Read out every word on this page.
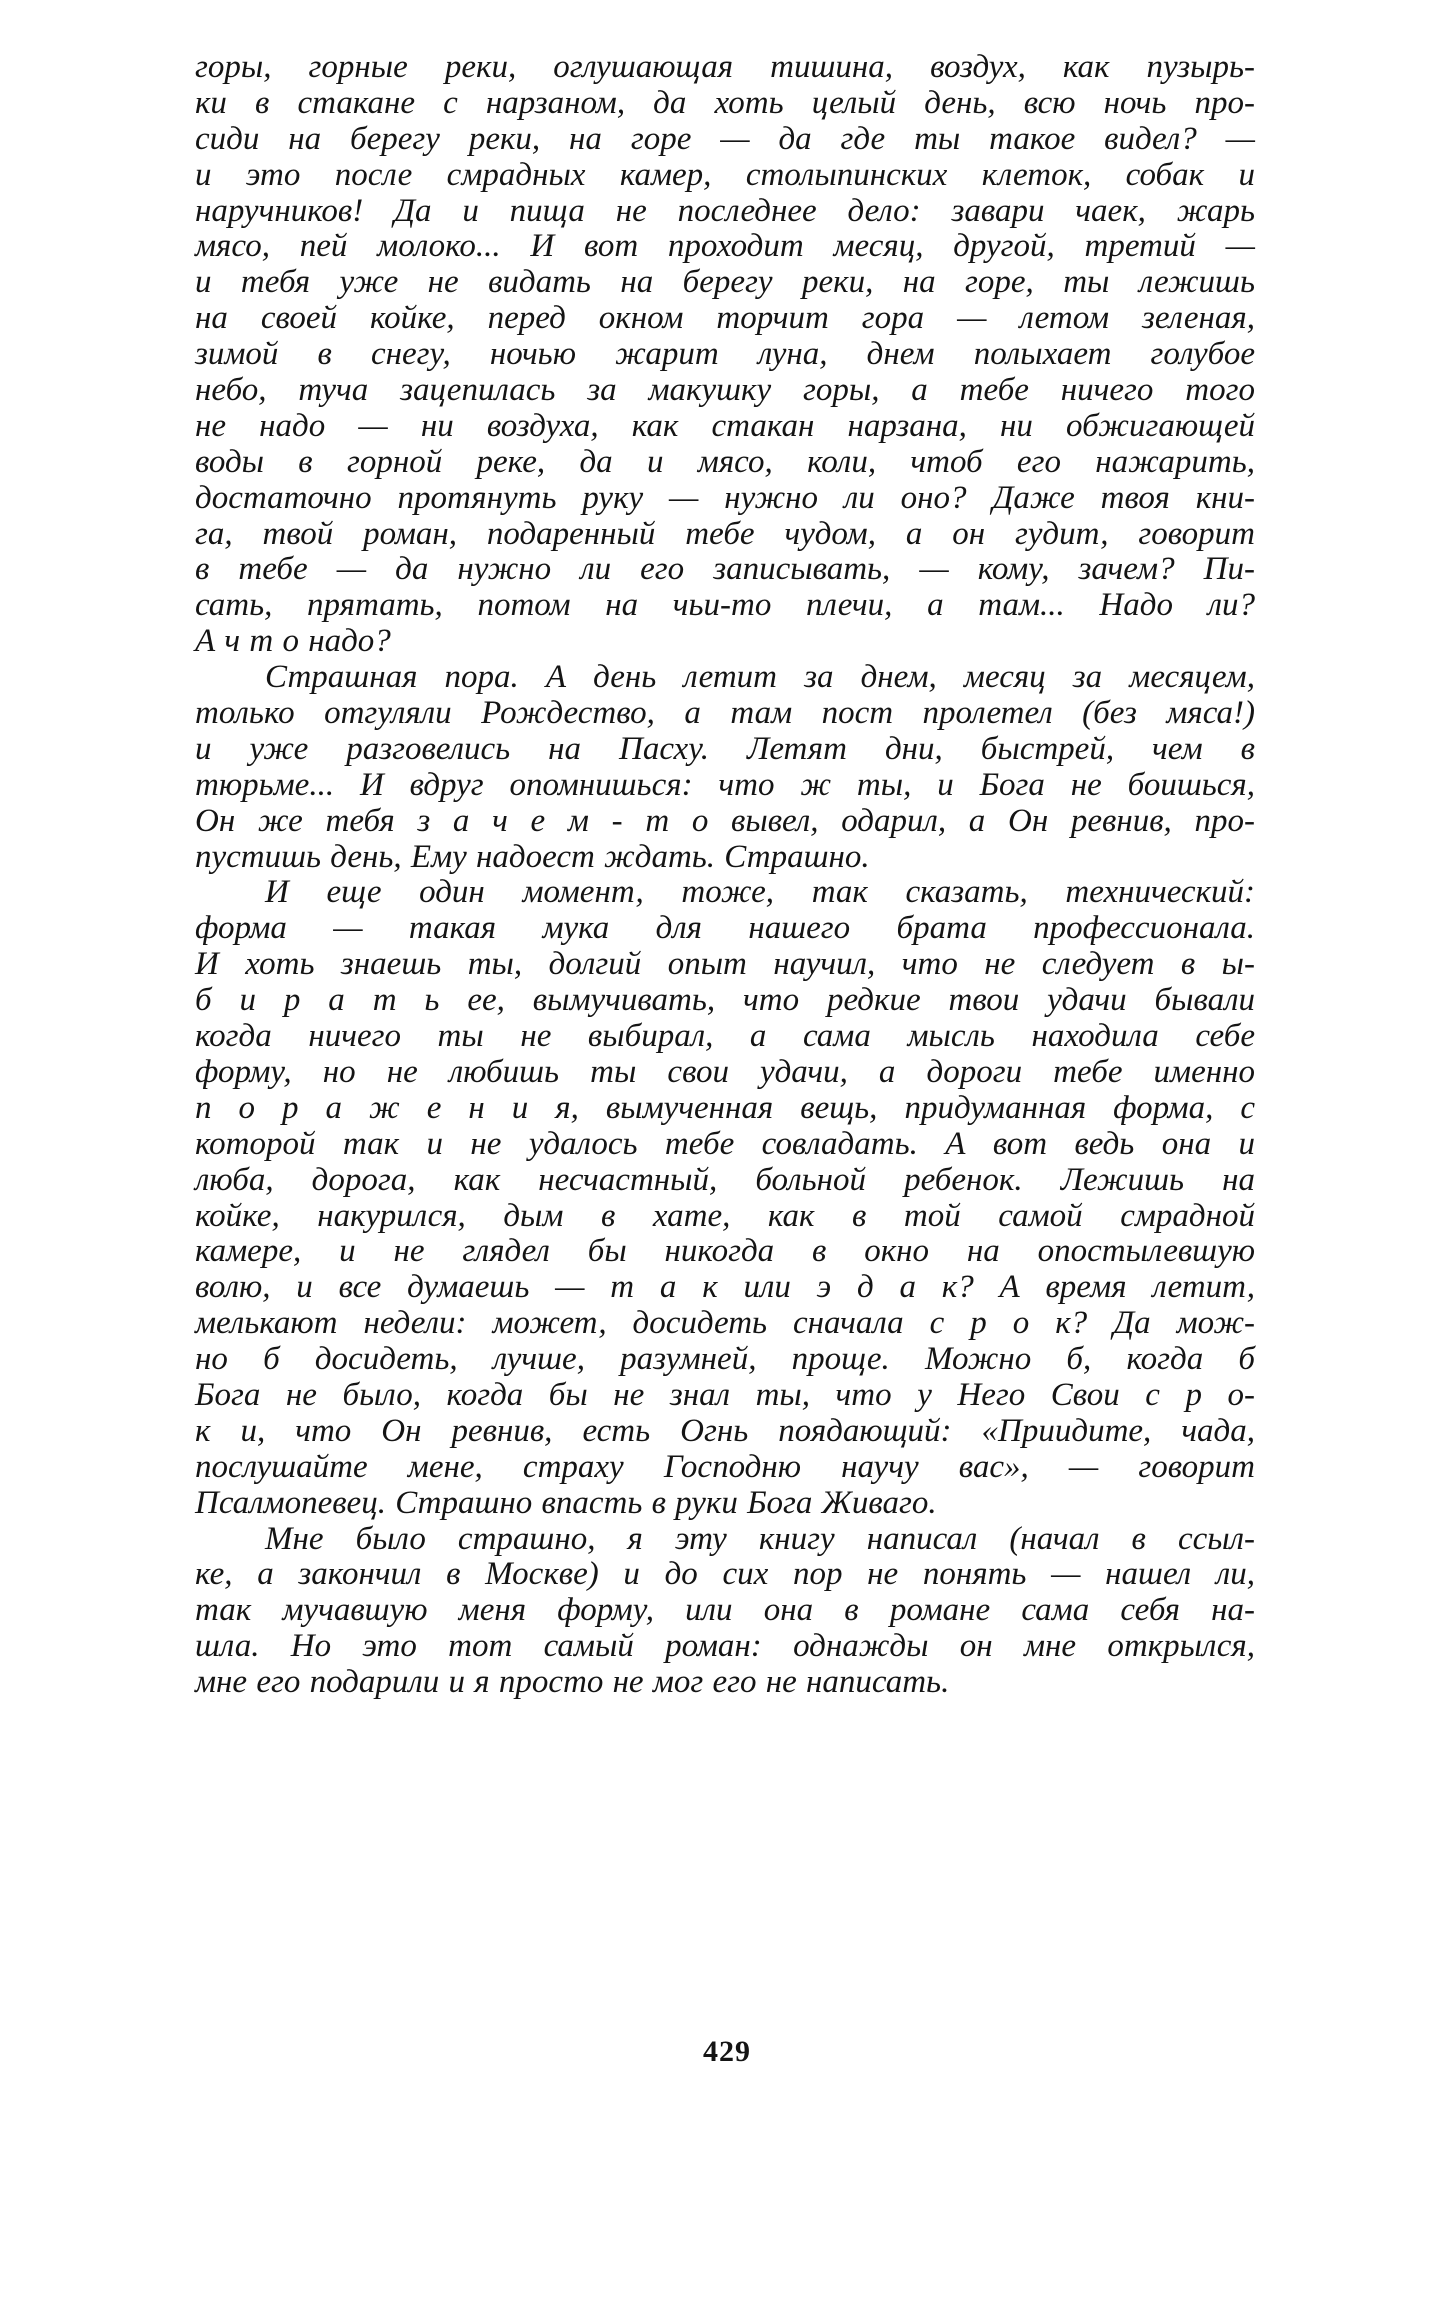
горы, горные реки, оглушающая тишина, воздух, как пузырь-
ки в стакане с нарзаном, да хоть целый день, всю ночь про-
сиди на берегу реки, на горе — да где ты такое видел? —
и это после смрадных камер, столыпинских клеток, собак и
наручников! Да и пища не последнее дело: завари чаек, жарь
мясо, пей молоко... И вот проходит месяц, другой, третий —
и тебя уже не видать на берегу реки, на горе, ты лежишь
на своей койке, перед окном торчит гора — летом зеленая,
зимой в снегу, ночью жарит луна, днем полыхает голубое
небо, туча зацепилась за макушку горы, а тебе ничего того
не надо — ни воздуха, как стакан нарзана, ни обжигающей
воды в горной реке, да и мясо, коли, чтоб его нажарить,
достаточно протянуть руку — нужно ли оно? Даже твоя кни-
га, твой роман, подаренный тебе чудом, а он гудит, говорит
в тебе — да нужно ли его записывать, — кому, зачем? Пи-
сать, прятать, потом на чьи-то плечи, а там... Надо ли?
А ч т о надо?
Страшная пора. А день летит за днем, месяц за месяцем,
только отгуляли Рождество, а там пост пролетел (без мяса!)
и уже разговелись на Пасху. Летят дни, быстрей, чем в
тюрьме... И вдруг опомнишься: что ж ты, и Бога не боишься,
Он же тебя з а ч е м - т о вывел, одарил, а Он ревнив, про-
пустишь день, Ему надоест ждать. Страшно.
И еще один момент, тоже, так сказать, технический:
форма — такая мука для нашего брата профессионала.
И хоть знаешь ты, долгий опыт научил, что не следует в ы-
б и р а т ь ее, вымучивать, что редкие твои удачи бывали
когда ничего ты не выбирал, а сама мысль находила себе
форму, но не любишь ты свои удачи, а дороги тебе именно
п о р а ж е н и я, вымученная вещь, придуманная форма, с
которой так и не удалось тебе совладать. А вот ведь она и
люба, дорога, как несчастный, больной ребенок. Лежишь на
койке, накурился, дым в хате, как в той самой смрадной
камере, и не глядел бы никогда в окно на опостылевшую
волю, и все думаешь — т а к или э д а к? А время летит,
мелькают недели: может, досидеть сначала с р о к? Да мож-
но б досидеть, лучше, разумней, проще. Можно б, когда б
Бога не было, когда бы не знал ты, что у Него Свои с р о-
к и, что Он ревнив, есть Огнь поядающий: «Приидите, чада,
послушайте мене, страху Господню научу вас», — говорит
Псалмопевец. Страшно впасть в руки Бога Живаго.
Мне было страшно, я эту книгу написал (начал в ссыл-
ке, а закончил в Москве) и до сих пор не понять — нашел ли,
так мучавшую меня форму, или она в романе сама себя на-
шла. Но это тот самый роман: однажды он мне открылся,
мне его подарили и я просто не мог его не написать.
429
